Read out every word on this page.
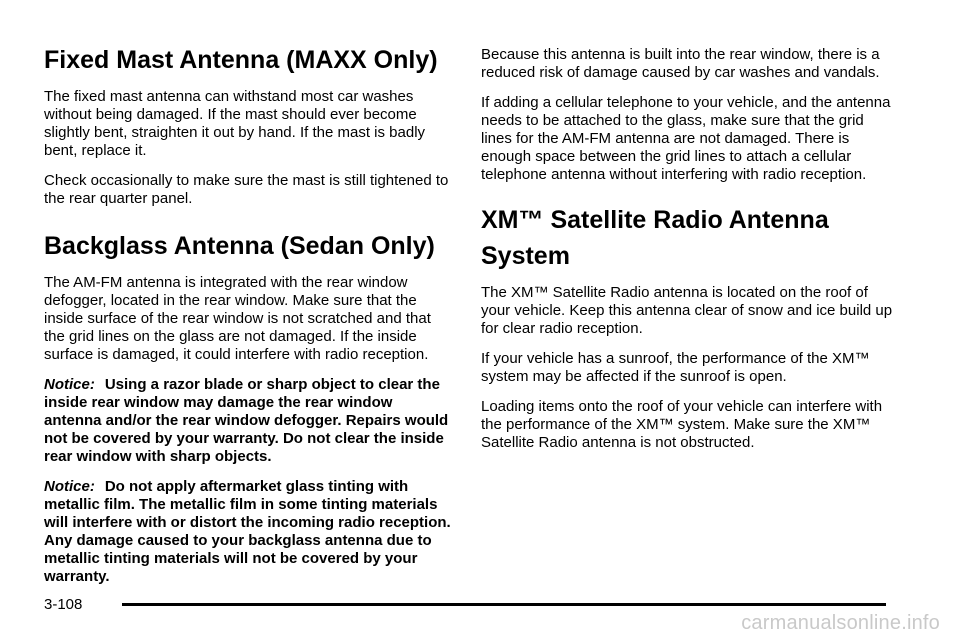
Fixed Mast Antenna (MAXX Only)

The fixed mast antenna can withstand most car washes without being damaged. If the mast should ever become slightly bent, straighten it out by hand. If the mast is badly bent, replace it.

Check occasionally to make sure the mast is still tightened to the rear quarter panel.

Backglass Antenna (Sedan Only)

The AM-FM antenna is integrated with the rear window defogger, located in the rear window. Make sure that the inside surface of the rear window is not scratched and that the grid lines on the glass are not damaged. If the inside surface is damaged, it could interfere with radio reception.

Notice: Using a razor blade or sharp object to clear the inside rear window may damage the rear window antenna and/or the rear window defogger. Repairs would not be covered by your warranty. Do not clear the inside rear window with sharp objects.

Notice: Do not apply aftermarket glass tinting with metallic film. The metallic film in some tinting materials will interfere with or distort the incoming radio reception. Any damage caused to your backglass antenna due to metallic tinting materials will not be covered by your warranty.

Because this antenna is built into the rear window, there is a reduced risk of damage caused by car washes and vandals.

If adding a cellular telephone to your vehicle, and the antenna needs to be attached to the glass, make sure that the grid lines for the AM-FM antenna are not damaged. There is enough space between the grid lines to attach a cellular telephone antenna without interfering with radio reception.

XM™ Satellite Radio Antenna System

The XM™ Satellite Radio antenna is located on the roof of your vehicle. Keep this antenna clear of snow and ice build up for clear radio reception.

If your vehicle has a sunroof, the performance of the XM™ system may be affected if the sunroof is open.

Loading items onto the roof of your vehicle can interfere with the performance of the XM™ system. Make sure the XM™ Satellite Radio antenna is not obstructed.

3-108
carmanualsonline.info
